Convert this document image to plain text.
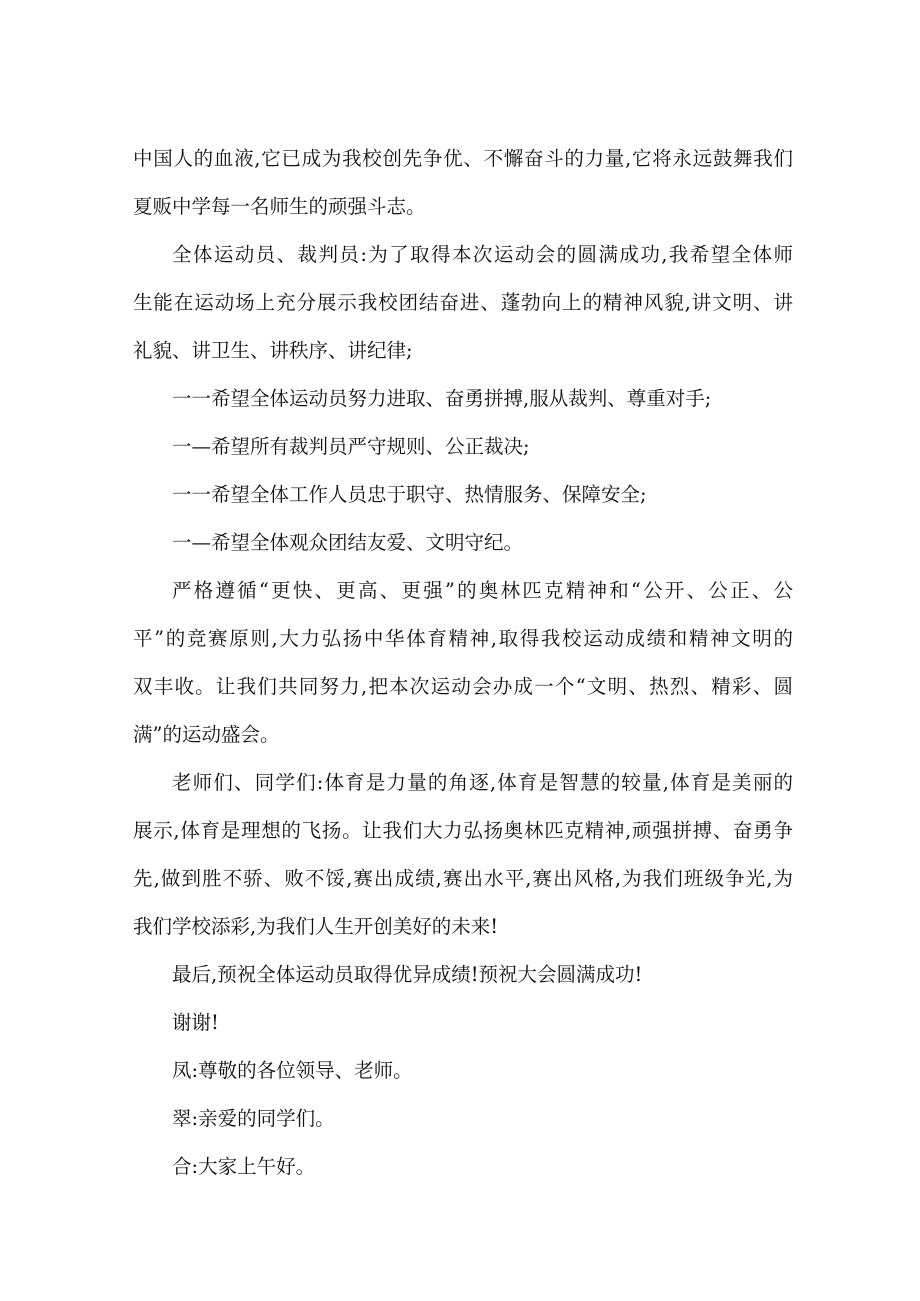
中国人的血液,它已成为我校创先争优、不懈奋斗的力量,它将永远鼓舞我们
夏贩中学每一名师生的顽强斗志。

全体运动员、裁判员:为了取得本次运动会的圆满成功,我希望全体师
生能在运动场上充分展示我校团结奋进、蓬勃向上的精神风貌,讲文明、讲
礼貌、讲卫生、讲秩序、讲纪律;

一一希望全体运动员努力进取、奋勇拼搏,服从裁判、尊重对手;

一—希望所有裁判员严守规则、公正裁决;

一一希望全体工作人员忠于职守、热情服务、保障安全;

一—希望全体观众团结友爱、文明守纪。

严格遵循“更快、更高、更强”的奥林匹克精神和“公开、公正、公
平”的竞赛原则,大力弘扬中华体育精神,取得我校运动成绩和精神文明的
双丰收。让我们共同努力,把本次运动会办成一个“文明、热烈、精彩、圆
满”的运动盛会。

老师们、同学们:体育是力量的角逐,体育是智慧的较量,体育是美丽的
展示,体育是理想的飞扬。让我们大力弘扬奥林匹克精神,顽强拼搏、奋勇争
先,做到胜不骄、败不馁,赛出成绩,赛出水平,赛出风格,为我们班级争光,为
我们学校添彩,为我们人生开创美好的未来!

最后,预祝全体运动员取得优异成绩!预祝大会圆满成功!

谢谢!

凤:尊敬的各位领导、老师。

翠:亲爱的同学们。

合:大家上午好。
